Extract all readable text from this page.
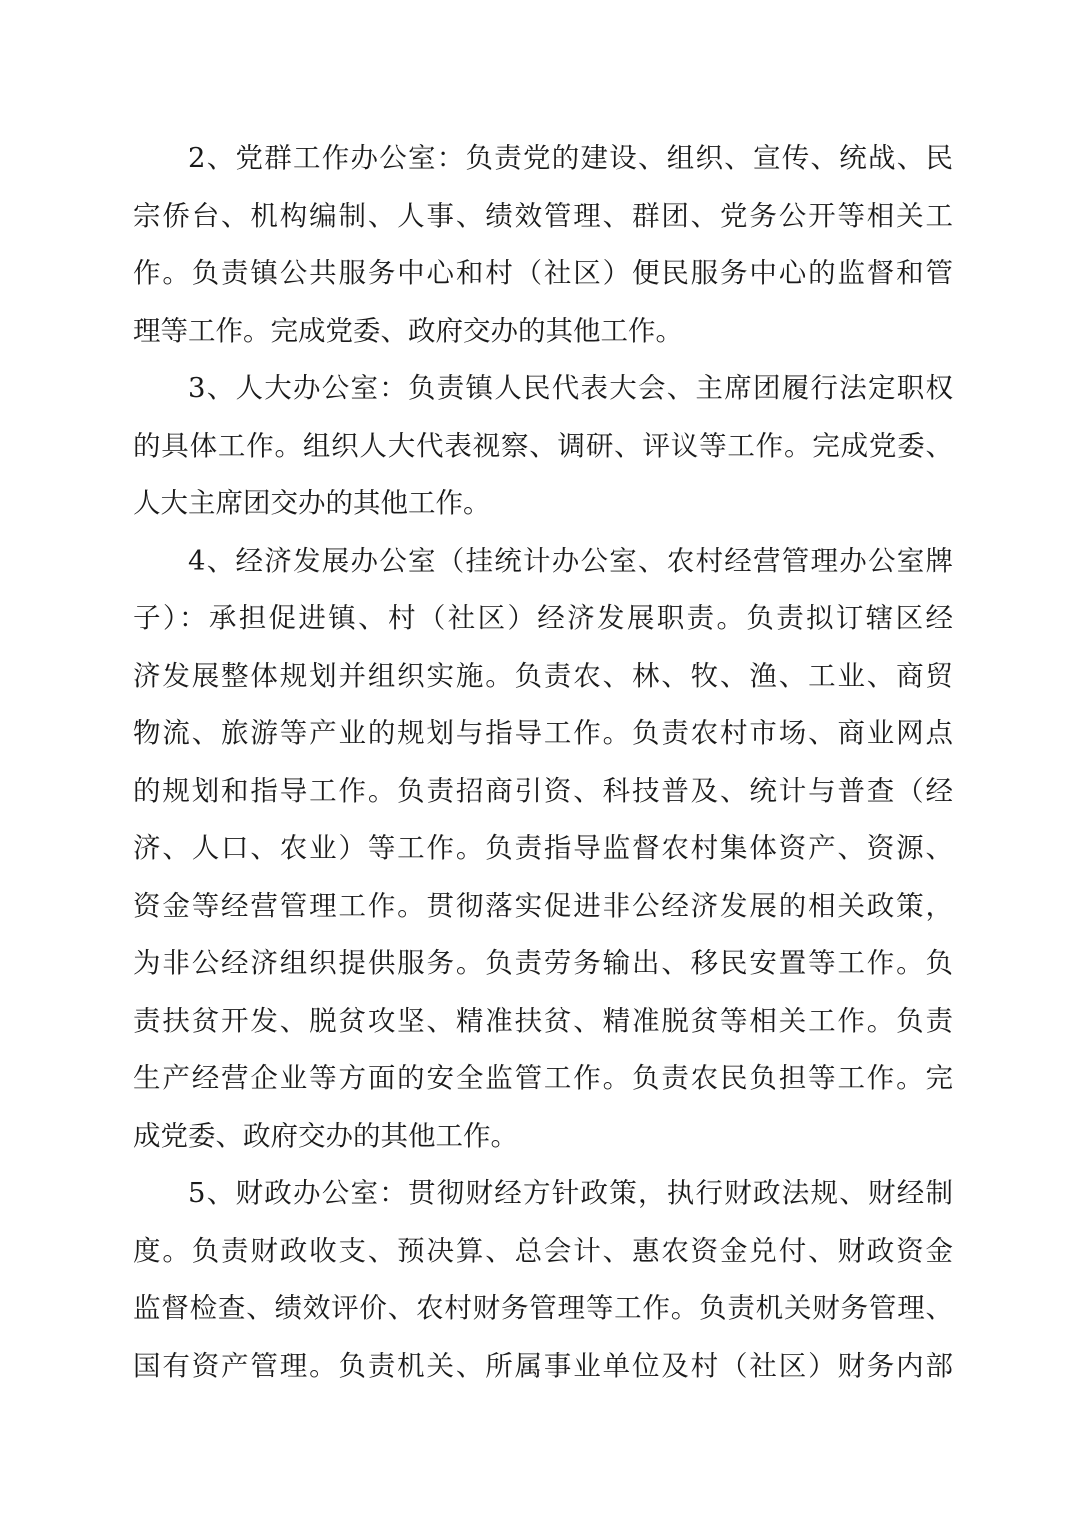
2、党群工作办公室：负责党的建设、组织、宣传、统战、民
宗侨台、机构编制、人事、绩效管理、群团、党务公开等相关工
作。负责镇公共服务中心和村（社区）便民服务中心的监督和管
理等工作。完成党委、政府交办的其他工作。
3、人大办公室：负责镇人民代表大会、主席团履行法定职权
的具体工作。组织人大代表视察、调研、评议等工作。完成党委、
人大主席团交办的其他工作。
4、经济发展办公室（挂统计办公室、农村经营管理办公室牌
子）：承担促进镇、村（社区）经济发展职责。负责拟订辖区经
济发展整体规划并组织实施。负责农、林、牧、渔、工业、商贸
物流、旅游等产业的规划与指导工作。负责农村市场、商业网点
的规划和指导工作。负责招商引资、科技普及、统计与普查（经
济、人口、农业）等工作。负责指导监督农村集体资产、资源、
资金等经营管理工作。贯彻落实促进非公经济发展的相关政策，
为非公经济组织提供服务。负责劳务输出、移民安置等工作。负
责扶贫开发、脱贫攻坚、精准扶贫、精准脱贫等相关工作。负责
生产经营企业等方面的安全监管工作。负责农民负担等工作。完
成党委、政府交办的其他工作。
5、财政办公室：贯彻财经方针政策，执行财政法规、财经制
度。负责财政收支、预决算、总会计、惠农资金兑付、财政资金
监督检查、绩效评价、农村财务管理等工作。负责机关财务管理、
国有资产管理。负责机关、所属事业单位及村（社区）财务内部
